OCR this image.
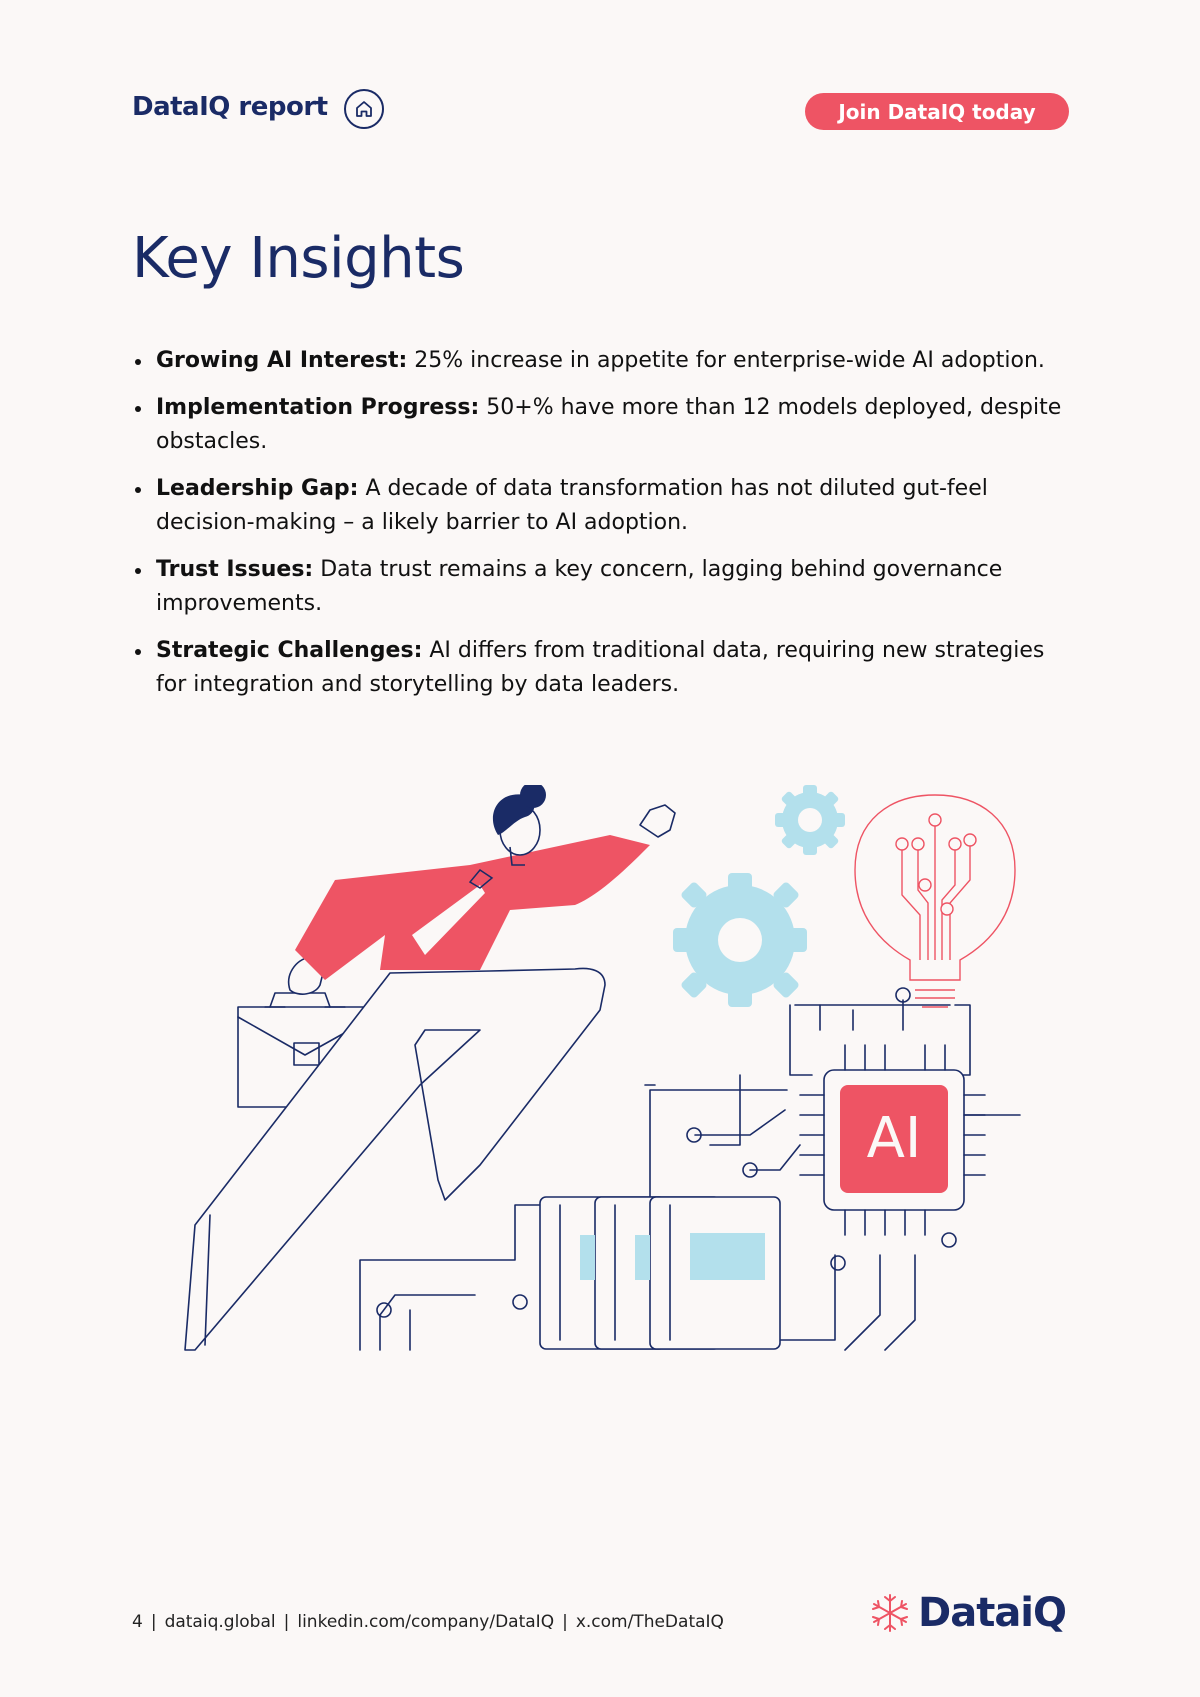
DataIQ report	Join DataIQ today
Key Insights
Growing AI Interest: 25% increase in appetite for enterprise-wide AI adoption.
Implementation Progress: 50+% have more than 12 models deployed, despite obstacles.
Leadership Gap: A decade of data transformation has not diluted gut-feel decision-making – a likely barrier to AI adoption.
Trust Issues: Data trust remains a key concern, lagging behind governance improvements.
Strategic Challenges: AI differs from traditional data, requiring new strategies for integration and storytelling by data leaders.
AI
4 | dataiq.global | linkedin.com/company/DataIQ | x.com/TheDataIQ	DataiQ
